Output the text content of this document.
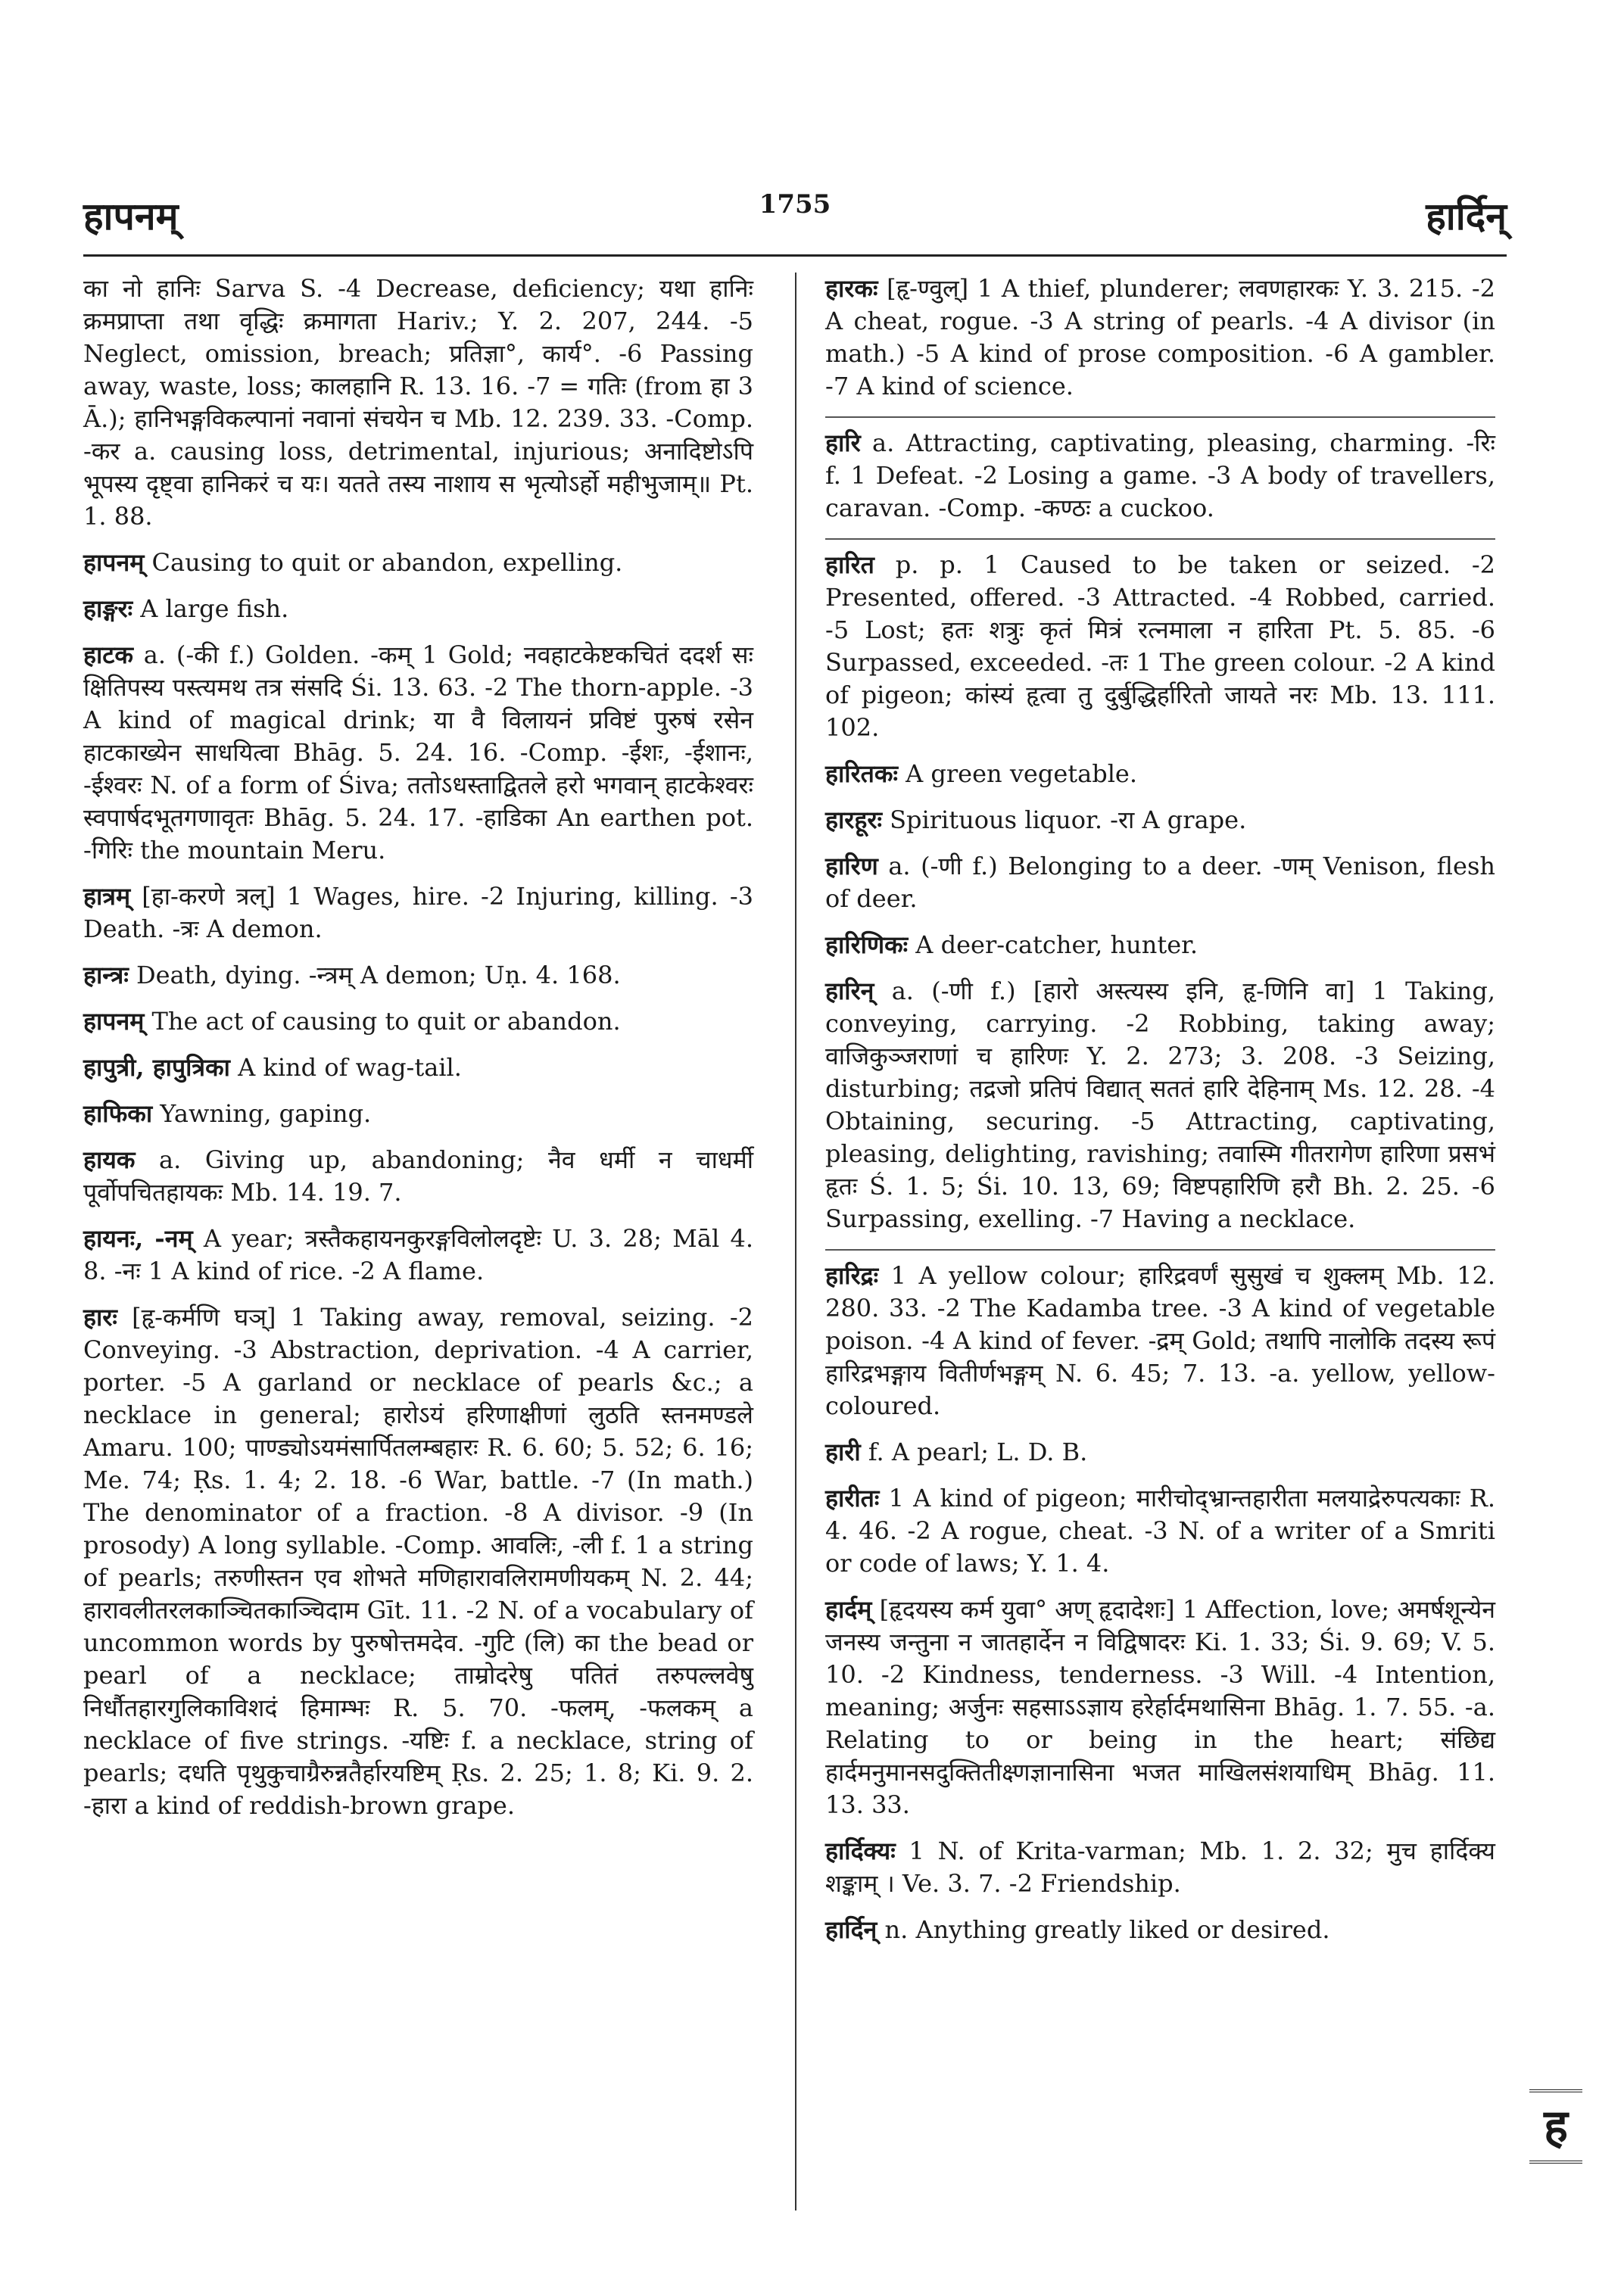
हापनम्	1755	हार्दिन्

का नो हानिः Sarva S. -4 Decrease, deficiency; यथा हानिः क्रमप्राप्ता तथा वृद्धिः क्रमागता Hariv.; Y. 2. 207, 244. -5 Neglect, omission, breach; प्रतिज्ञा°, कार्य°. -6 Passing away, waste, loss; कालहानि R. 13. 16. -7 = गतिः (from हा 3 Ā.); हानिभङ्गविकल्पानां नवानां संचयेन च Mb. 12. 239. 33. -Comp. -कर a. causing loss, detrimental, injurious; अनादिष्टोऽपि भूपस्य दृष्ट्वा हानिकरं च यः। यतते तस्य नाशाय स भृत्योऽर्हो महीभुजाम्॥ Pt. 1. 88.

हापनम् Causing to quit or abandon, expelling.

हाङ्गरः A large fish.

हाटक a. (-की f.) Golden. -कम् 1 Gold; नवहाटकेष्टकचितं ददर्श सः क्षितिपस्य पस्त्यमथ तत्र संसदि Śi. 13. 63. -2 The thorn-apple. -3 A kind of magical drink; या वै विलायनं प्रविष्टं पुरुषं रसेन हाटकाख्येन साधयित्वा Bhāg. 5. 24. 16. -Comp. -ईशः, -ईशानः, -ईश्वरः N. of a form of Śiva; ततोऽधस्ताद्वितले हरो भगवान् हाटकेश्वरः स्वपार्षदभूतगणावृतः Bhāg. 5. 24. 17. -हाडिका An earthen pot. -गिरिः the mountain Meru.

हात्रम् [हा-करणे त्रल्] 1 Wages, hire. -2 Injuring, killing. -3 Death. -त्रः A demon.

हान्त्रः Death, dying. -न्त्रम् A demon; Uṇ. 4. 168.

हापनम् The act of causing to quit or abandon.

हापुत्री, हापुत्रिका A kind of wag-tail.

हाफिका Yawning, gaping.

हायक a. Giving up, abandoning; नैव धर्मी न चाधर्मी पूर्वोपचितहायकः Mb. 14. 19. 7.

हायनः, -नम् A year; त्रस्तैकहायनकुरङ्गविलोलदृष्टेः U. 3. 28; Māl 4. 8. -नः 1 A kind of rice. -2 A flame.

हारः [हृ-कर्मणि घञ्] 1 Taking away, removal, seizing. -2 Conveying. -3 Abstraction, deprivation. -4 A carrier, porter. -5 A garland or necklace of pearls &c.; a necklace in general; हारोऽयं हरिणाक्षीणां लुठति स्तनमण्डले Amaru. 100; पाण्ड्योऽयमंसार्पितलम्बहारः R. 6. 60; 5. 52; 6. 16; Me. 74; Ṛs. 1. 4; 2. 18. -6 War, battle. -7 (In math.) The denominator of a fraction. -8 A divisor. -9 (In prosody) A long syllable. -Comp. आवलिः, -ली f. 1 a string of pearls; तरुणीस्तन एव शोभते मणिहारावलिरामणीयकम् N. 2. 44; हारावलीतरलकाञ्चितकाञ्चिदाम Gīt. 11. -2 N. of a vocabulary of uncommon words by पुरुषोत्तमदेव. -गुटि (लि) का the bead or pearl of a necklace; ताम्रोदरेषु पतितं तरुपल्लवेषु निर्धौतहारगुलिकाविशदं हिमाम्भः R. 5. 70. -फलम्, -फलकम् a necklace of five strings. -यष्टिः f. a necklace, string of pearls; दधति पृथुकुचाग्रैरुन्नतैर्हारयष्टिम् Ṛs. 2. 25; 1. 8; Ki. 9. 2. -हारा a kind of reddish-brown grape.

हारकः [हृ-ण्वुल्] 1 A thief, plunderer; लवणहारकः Y. 3. 215. -2 A cheat, rogue. -3 A string of pearls. -4 A divisor (in math.) -5 A kind of prose composition. -6 A gambler. -7 A kind of science.

हारि a. Attracting, captivating, pleasing, charming. -रिः f. 1 Defeat. -2 Losing a game. -3 A body of travellers, caravan. -Comp. -कण्ठः a cuckoo.

हारित p. p. 1 Caused to be taken or seized. -2 Presented, offered. -3 Attracted. -4 Robbed, carried. -5 Lost; हतः शत्रुः कृतं मित्रं रत्नमाला न हारिता Pt. 5. 85. -6 Surpassed, exceeded. -तः 1 The green colour. -2 A kind of pigeon; कांस्यं हृत्वा तु दुर्बुद्धिर्हारितो जायते नरः Mb. 13. 111. 102.

हारितकः A green vegetable.

हारहूरः Spirituous liquor. -रा A grape.

हारिण a. (-णी f.) Belonging to a deer. -णम् Venison, flesh of deer.

हारिणिकः A deer-catcher, hunter.

हारिन् a. (-णी f.) [हारो अस्त्यस्य इनि, हृ-णिनि वा] 1 Taking, conveying, carrying. -2 Robbing, taking away; वाजिकुञ्जराणां च हारिणः Y. 2. 273; 3. 208. -3 Seizing, disturbing; तद्रजो प्रतिपं विद्यात् सततं हारि देहिनाम् Ms. 12. 28. -4 Obtaining, securing. -5 Attracting, captivating, pleasing, delighting, ravishing; तवास्मि गीतरागेण हारिणा प्रसभं हृतः Ś. 1. 5; Śi. 10. 13, 69; विष्टपहारिणि हरौ Bh. 2. 25. -6 Surpassing, exelling. -7 Having a necklace.

हारिद्रः 1 A yellow colour; हारिद्रवर्णं सुसुखं च शुक्लम् Mb. 12. 280. 33. -2 The Kadamba tree. -3 A kind of vegetable poison. -4 A kind of fever. -द्रम् Gold; तथापि नालोकि तदस्य रूपं हारिद्रभङ्गाय वितीर्णभङ्गम् N. 6. 45; 7. 13. -a. yellow, yellow-coloured.

हारी f. A pearl; L. D. B.

हारीतः 1 A kind of pigeon; मारीचोद्भ्रान्तहारीता मलयाद्रेरुपत्यकाः R. 4. 46. -2 A rogue, cheat. -3 N. of a writer of a Smriti or code of laws; Y. 1. 4.

हार्दम् [हृदयस्य कर्म युवा° अण् हृदादेशः] 1 Affection, love; अमर्षशून्येन जनस्य जन्तुना न जातहार्देन न विद्विषादरः Ki. 1. 33; Śi. 9. 69; V. 5. 10. -2 Kindness, tenderness. -3 Will. -4 Intention, meaning; अर्जुनः सहसाऽऽज्ञाय हरेर्हार्दमथासिना Bhāg. 1. 7. 55. -a. Relating to or being in the heart; संछिद्य हार्दमनुमानसदुक्तितीक्ष्णज्ञानासिना भजत माखिलसंशयाधिम् Bhāg. 11. 13. 33.

हार्दिक्यः 1 N. of Krita-varman; Mb. 1. 2. 32; मुच हार्दिक्य शङ्काम् । Ve. 3. 7. -2 Friendship.

हार्दिन् n. Anything greatly liked or desired.

ह
